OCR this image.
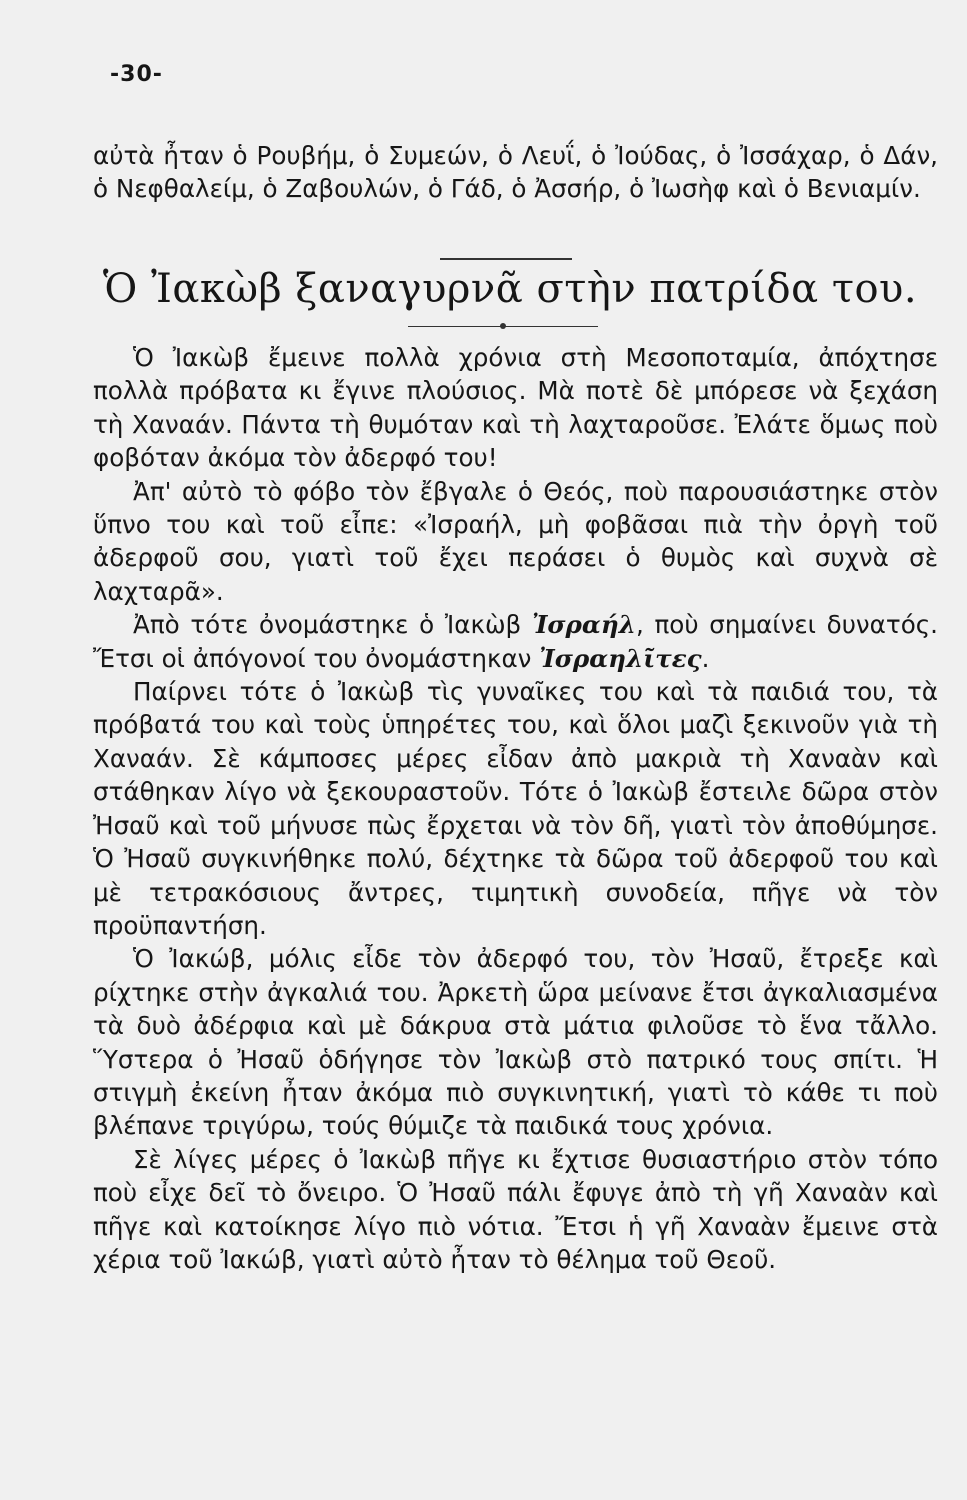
-30-

αὐτὰ ἦταν ὁ Ρουβήμ, ὁ Συμεών, ὁ Λευΐ, ὁ Ἰούδας, ὁ Ἰσσάχαρ, ὁ Δάν, ὁ Νεφθαλείμ, ὁ Ζαβουλών, ὁ Γάδ, ὁ Ἀσσήρ, ὁ Ἰωσὴφ καὶ ὁ Βενιαμίν.

Ὁ Ἰακὼβ ξαναγυρνᾶ στὴν πατρίδα του.

Ὁ Ἰακὼβ ἔμεινε πολλὰ χρόνια στὴ Μεσοποταμία, ἀπόχτησε πολλὰ πρόβατα κι ἔγινε πλούσιος. Μὰ ποτὲ δὲ μπόρεσε νὰ ξεχάση τὴ Χαναάν. Πάντα τὴ θυμόταν καὶ τὴ λαχταροῦσε. Ἐλάτε ὅμως ποὺ φοβόταν ἀκόμα τὸν ἀδερφό του!

Ἀπ' αὐτὸ τὸ φόβο τὸν ἔβγαλε ὁ Θεός, ποὺ παρουσιάστηκε στὸν ὕπνο του καὶ τοῦ εἶπε: «Ἰσραήλ, μὴ φοβᾶσαι πιὰ τὴν ὀργὴ τοῦ ἀδερφοῦ σου, γιατὶ τοῦ ἔχει περάσει ὁ θυμὸς καὶ συχνὰ σὲ λαχταρᾶ».

Ἀπὸ τότε ὀνομάστηκε ὁ Ἰακὼβ Ἰσραήλ, ποὺ σημαίνει δυνατός. Ἔτσι οἱ ἀπόγονοί του ὀνομάστηκαν Ἰσραηλῖτες.

Παίρνει τότε ὁ Ἰακὼβ τὶς γυναῖκες του καὶ τὰ παιδιά του, τὰ πρόβατά του καὶ τοὺς ὑπηρέτες του, καὶ ὅλοι μαζὶ ξεκινοῦν γιὰ τὴ Χαναάν. Σὲ κάμποσες μέρες εἶδαν ἀπὸ μακριὰ τὴ Χαναὰν καὶ στάθηκαν λίγο νὰ ξεκουραστοῦν. Τότε ὁ Ἰακὼβ ἔστειλε δῶρα στὸν Ἠσαῦ καὶ τοῦ μήνυσε πὼς ἔρχεται νὰ τὸν δῆ, γιατὶ τὸν ἀποθύμησε. Ὁ Ἠσαῦ συγκινήθηκε πολύ, δέχτηκε τὰ δῶρα τοῦ ἀδερφοῦ του καὶ μὲ τετρακόσιους ἄντρες, τιμητικὴ συνοδεία, πῆγε νὰ τὸν προϋπαντήση.

Ὁ Ἰακώβ, μόλις εἶδε τὸν ἀδερφό του, τὸν Ἠσαῦ, ἔτρεξε καὶ ρίχτηκε στὴν ἀγκαλιά του. Ἀρκετὴ ὥρα μείνανε ἔτσι ἀγκαλιασμένα τὰ δυὸ ἀδέρφια καὶ μὲ δάκρυα στὰ μάτια φιλοῦσε τὸ ἕνα τἄλλο. Ὕστερα ὁ Ἠσαῦ ὁδήγησε τὸν Ἰακὼβ στὸ πατρικό τους σπίτι. Ἡ στιγμὴ ἐκείνη ἦταν ἀκόμα πιὸ συγκινητική, γιατὶ τὸ κάθε τι ποὺ βλέπανε τριγύρω, τούς θύμιζε τὰ παιδικά τους χρόνια.

Σὲ λίγες μέρες ὁ Ἰακὼβ πῆγε κι ἔχτισε θυσιαστήριο στὸν τόπο ποὺ εἶχε δεῖ τὸ ὄνειρο. Ὁ Ἠσαῦ πάλι ἔφυγε ἀπὸ τὴ γῆ Χαναὰν καὶ πῆγε καὶ κατοίκησε λίγο πιὸ νότια. Ἔτσι ἡ γῆ Χαναὰν ἔμεινε στὰ χέρια τοῦ Ἰακώβ, γιατὶ αὐτὸ ἦταν τὸ θέλημα τοῦ Θεοῦ.
